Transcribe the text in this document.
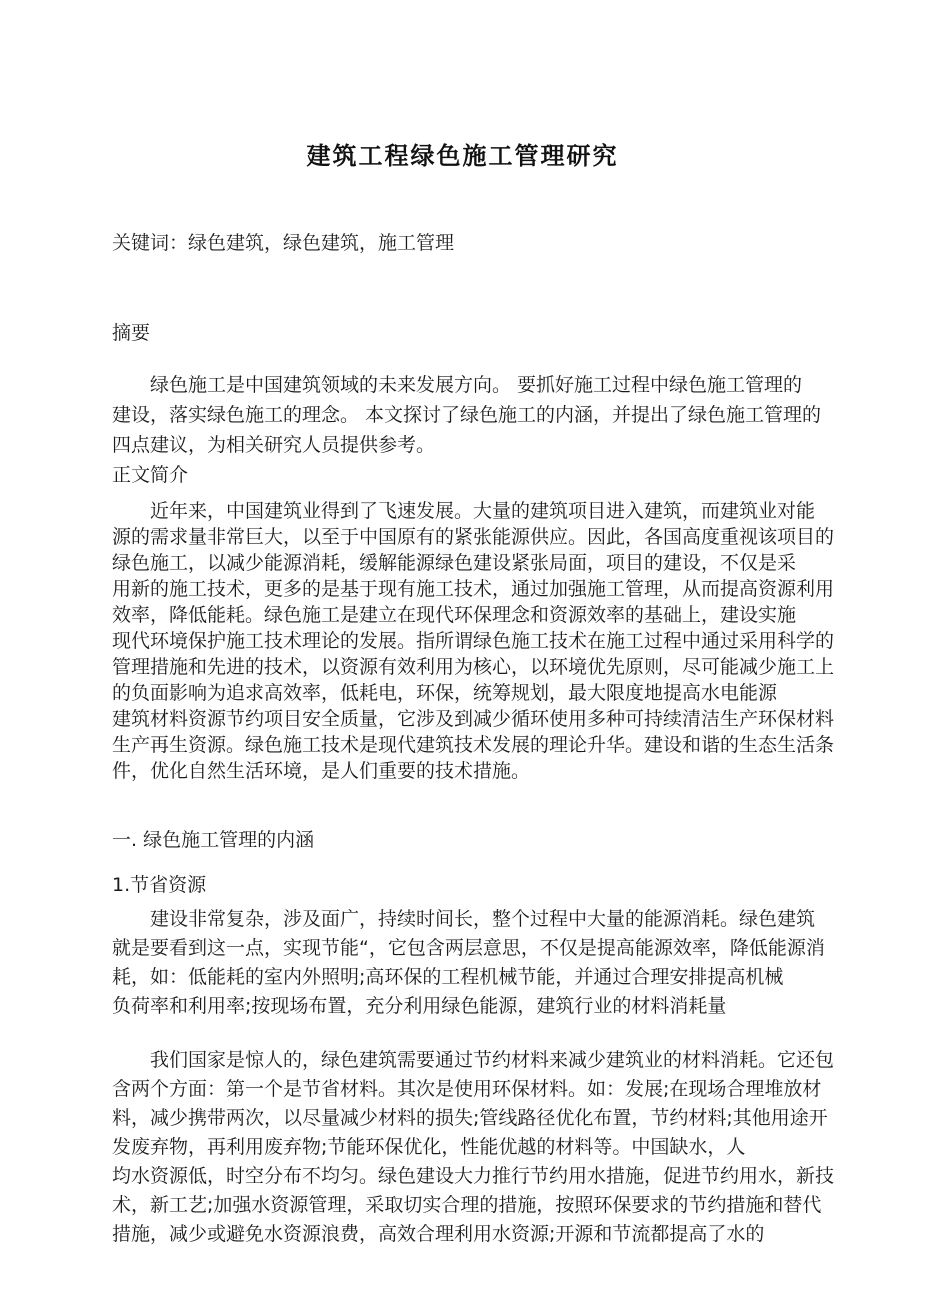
建筑工程绿色施工管理研究
关键词：绿色建筑，绿色建筑，施工管理
摘要
绿色施工是中国建筑领域的未来发展方向。 要抓好施工过程中绿色施工管理的
建设，落实绿色施工的理念。 本文探讨了绿色施工的内涵，并提出了绿色施工管理的
四点建议，为相关研究人员提供参考。
正文简介
近年来，中国建筑业得到了飞速发展。大量的建筑项目进入建筑，而建筑业对能
源的需求量非常巨大，以至于中国原有的紧张能源供应。因此，各国高度重视该项目的
绿色施工，以减少能源消耗，缓解能源绿色建设紧张局面，项目的建设，不仅是采
用新的施工技术，更多的是基于现有施工技术，通过加强施工管理，从而提高资源利用
效率，降低能耗。绿色施工是建立在现代环保理念和资源效率的基础上，建设实施
现代环境保护施工技术理论的发展。指所谓绿色施工技术在施工过程中通过采用科学的
管理措施和先进的技术，以资源有效利用为核心，以环境优先原则，尽可能减少施工上
的负面影响为追求高效率，低耗电，环保，统筹规划，最大限度地提高水电能源
建筑材料资源节约项目安全质量，它涉及到减少循环使用多种可持续清洁生产环保材料
生产再生资源。绿色施工技术是现代建筑技术发展的理论升华。建设和谐的生态生活条
件，优化自然生活环境，是人们重要的技术措施。
一. 绿色施工管理的内涵
1.节省资源
建设非常复杂，涉及面广，持续时间长，整个过程中大量的能源消耗。绿色建筑
就是要看到这一点，实现节能“，它包含两层意思，不仅是提高能源效率，降低能源消
耗，如：低能耗的室内外照明;高环保的工程机械节能，并通过合理安排提高机械
负荷率和利用率;按现场布置，充分利用绿色能源，建筑行业的材料消耗量
我们国家是惊人的，绿色建筑需要通过节约材料来减少建筑业的材料消耗。它还包
含两个方面：第一个是节省材料。其次是使用环保材料。如：发展;在现场合理堆放材
料，减少携带两次，以尽量减少材料的损失;管线路径优化布置，节约材料;其他用途开
发废弃物，再利用废弃物;节能环保优化，性能优越的材料等。中国缺水，人
均水资源低，时空分布不均匀。绿色建设大力推行节约用水措施，促进节约用水，新技
术，新工艺;加强水资源管理，采取切实合理的措施，按照环保要求的节约措施和替代
措施，减少或避免水资源浪费，高效合理利用水资源;开源和节流都提高了水的
